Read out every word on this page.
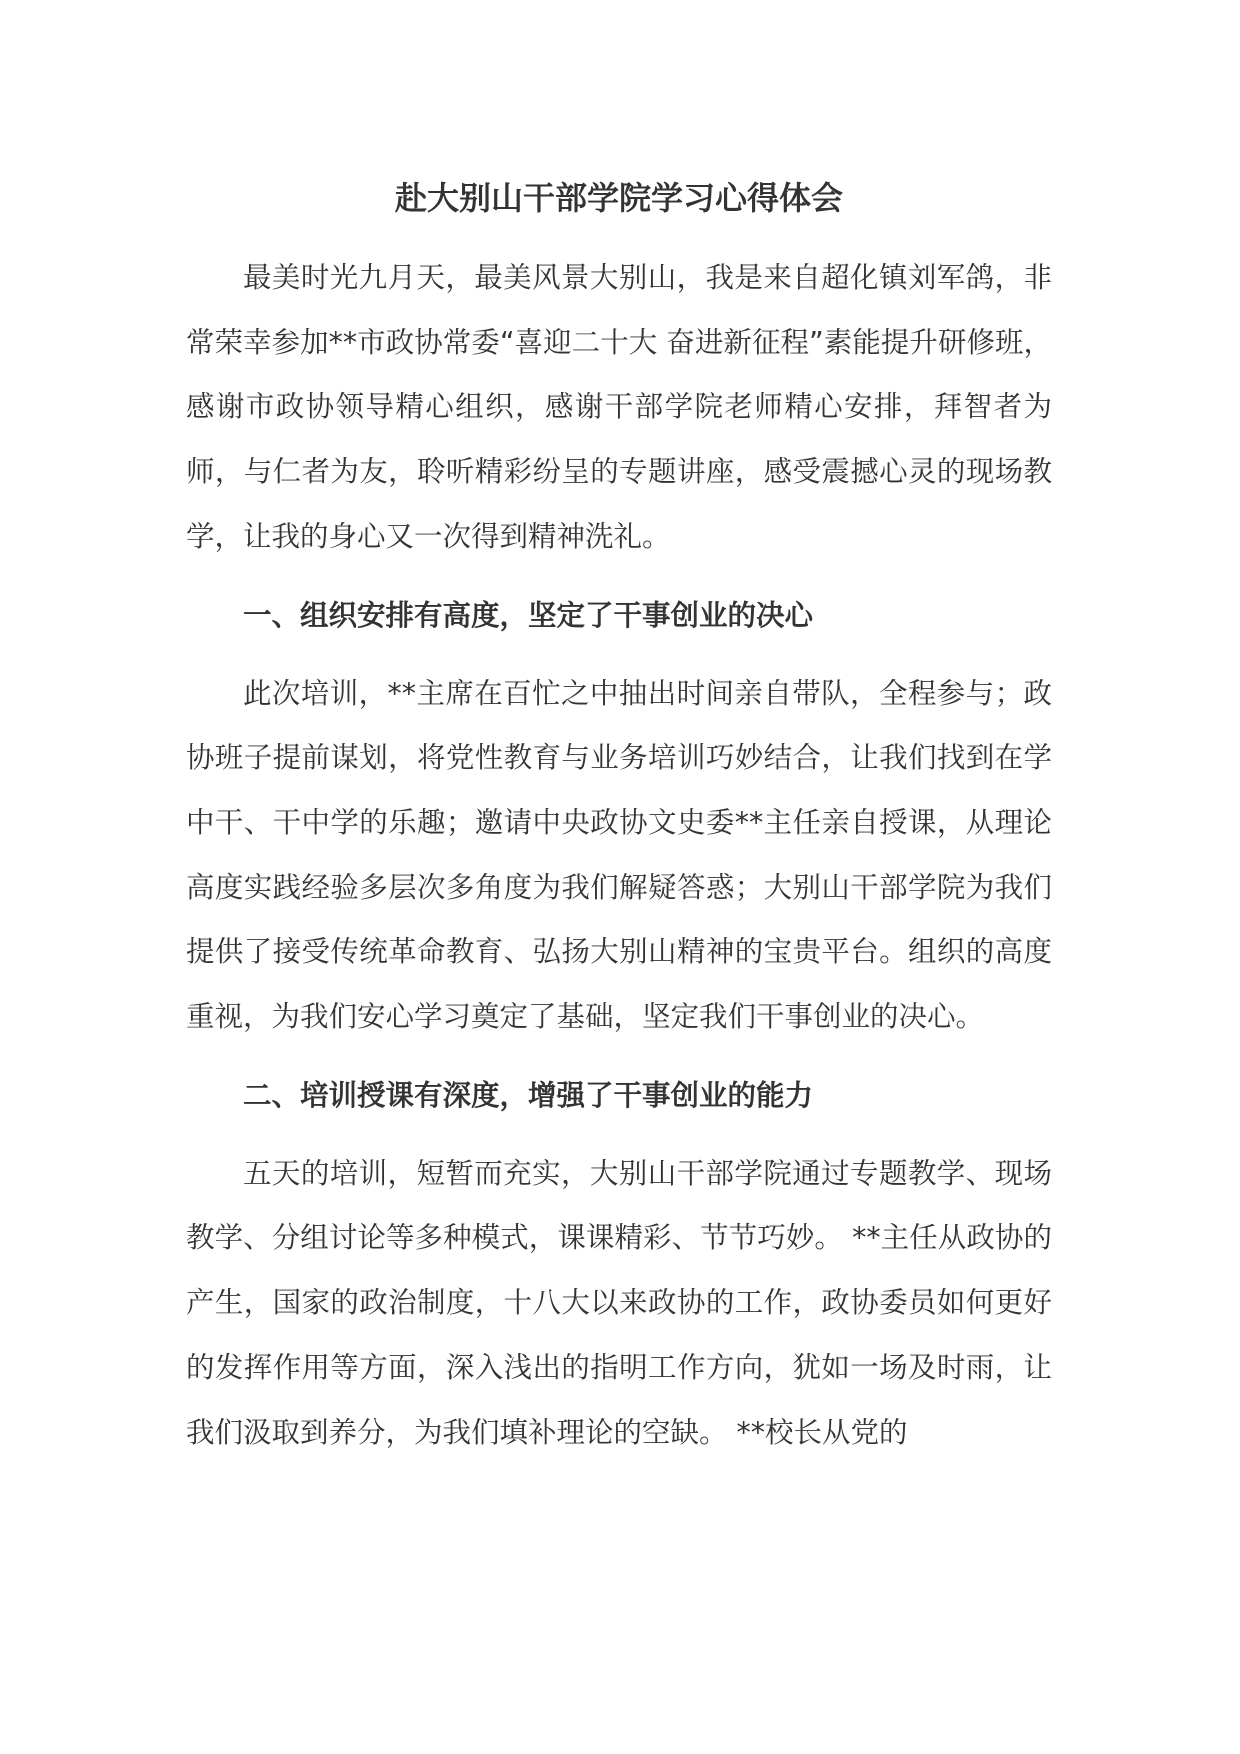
赴大别山干部学院学习心得体会

最美时光九月天，最美风景大别山，我是来自超化镇刘军鸽，非常荣幸参加**市政协常委“喜迎二十大 奋进新征程”素能提升研修班，感谢市政协领导精心组织，感谢干部学院老师精心安排，拜智者为师，与仁者为友，聆听精彩纷呈的专题讲座，感受震撼心灵的现场教学，让我的身心又一次得到精神洗礼。

一、组织安排有高度，坚定了干事创业的决心

此次培训，**主席在百忙之中抽出时间亲自带队，全程参与；政协班子提前谋划，将党性教育与业务培训巧妙结合，让我们找到在学中干、干中学的乐趣；邀请中央政协文史委**主任亲自授课，从理论高度实践经验多层次多角度为我们解疑答惑；大别山干部学院为我们提供了接受传统革命教育、弘扬大别山精神的宝贵平台。组织的高度重视，为我们安心学习奠定了基础，坚定我们干事创业的决心。

二、培训授课有深度，增强了干事创业的能力

五天的培训，短暂而充实，大别山干部学院通过专题教学、现场教学、分组讨论等多种模式，课课精彩、节节巧妙。 **主任从政协的产生，国家的政治制度，十八大以来政协的工作，政协委员如何更好的发挥作用等方面，深入浅出的指明工作方向，犹如一场及时雨，让我们汲取到养分，为我们填补理论的空缺。 **校长从党的
